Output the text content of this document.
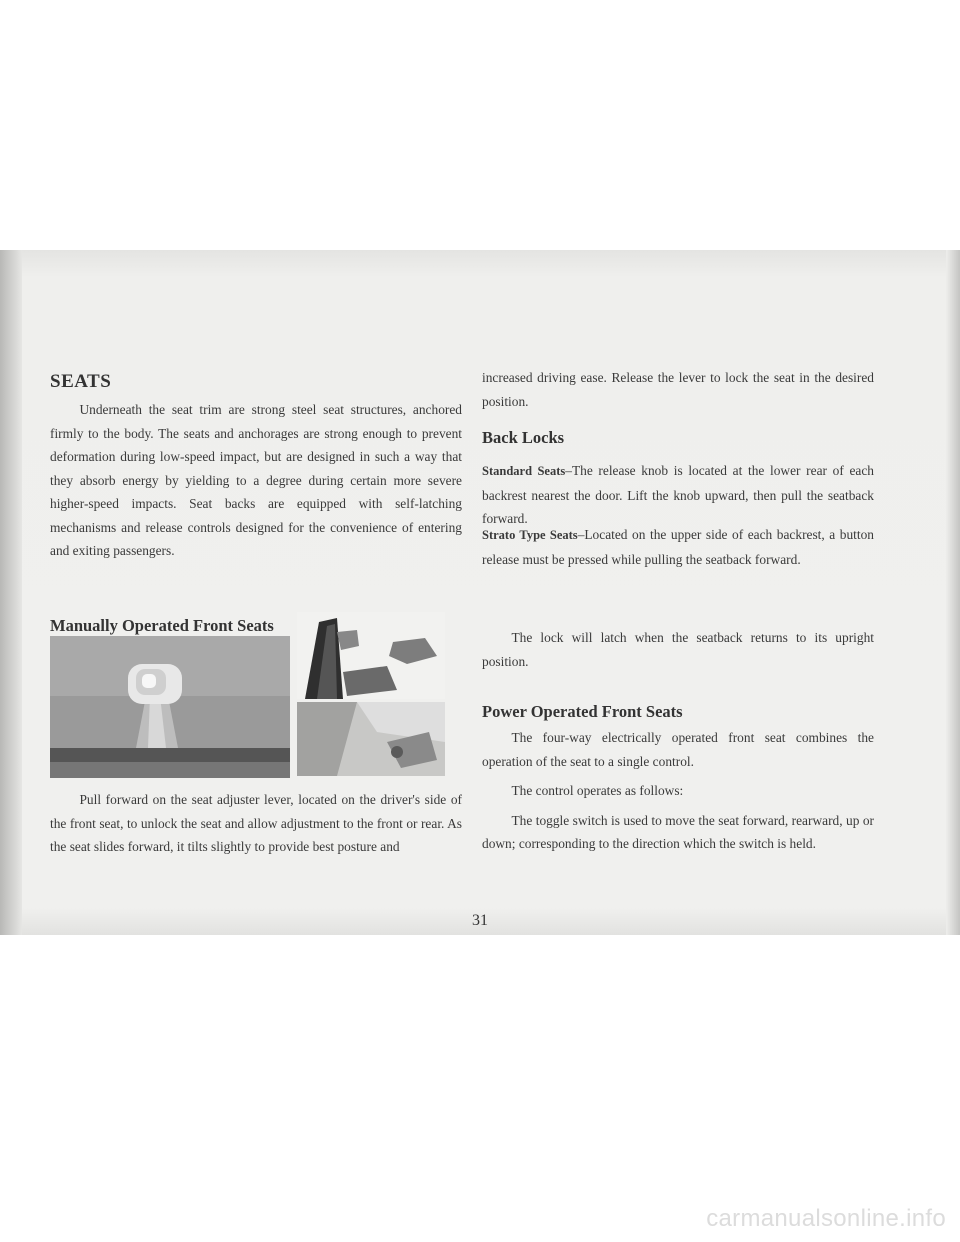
SEATS

Underneath the seat trim are strong steel seat structures, anchored firmly to the body. The seats and anchorages are strong enough to prevent deformation during low-speed impact, but are designed in such a way that they absorb energy by yielding to a degree during certain more severe higher-speed impacts. Seat backs are equipped with self-latching mechanisms and release controls designed for the convenience of entering and exiting passengers.

Manually Operated Front Seats

Pull forward on the seat adjuster lever, located on the driver's side of the front seat, to unlock the seat and allow adjustment to the front or rear. As the seat slides forward, it tilts slightly to provide best posture and

increased driving ease. Release the lever to lock the seat in the desired position.

Back Locks

Standard Seats–The release knob is located at the lower rear of each backrest nearest the door. Lift the knob upward, then pull the seatback forward.

Strato Type Seats–Located on the upper side of each backrest, a button release must be pressed while pulling the seatback forward.

The lock will latch when the seatback returns to its upright position.

Power Operated Front Seats

The four-way electrically operated front seat combines the operation of the seat to a single control.

The control operates as follows:

The toggle switch is used to move the seat forward, rearward, up or down; corresponding to the direction which the switch is held.

31
carmanualsonline.info
